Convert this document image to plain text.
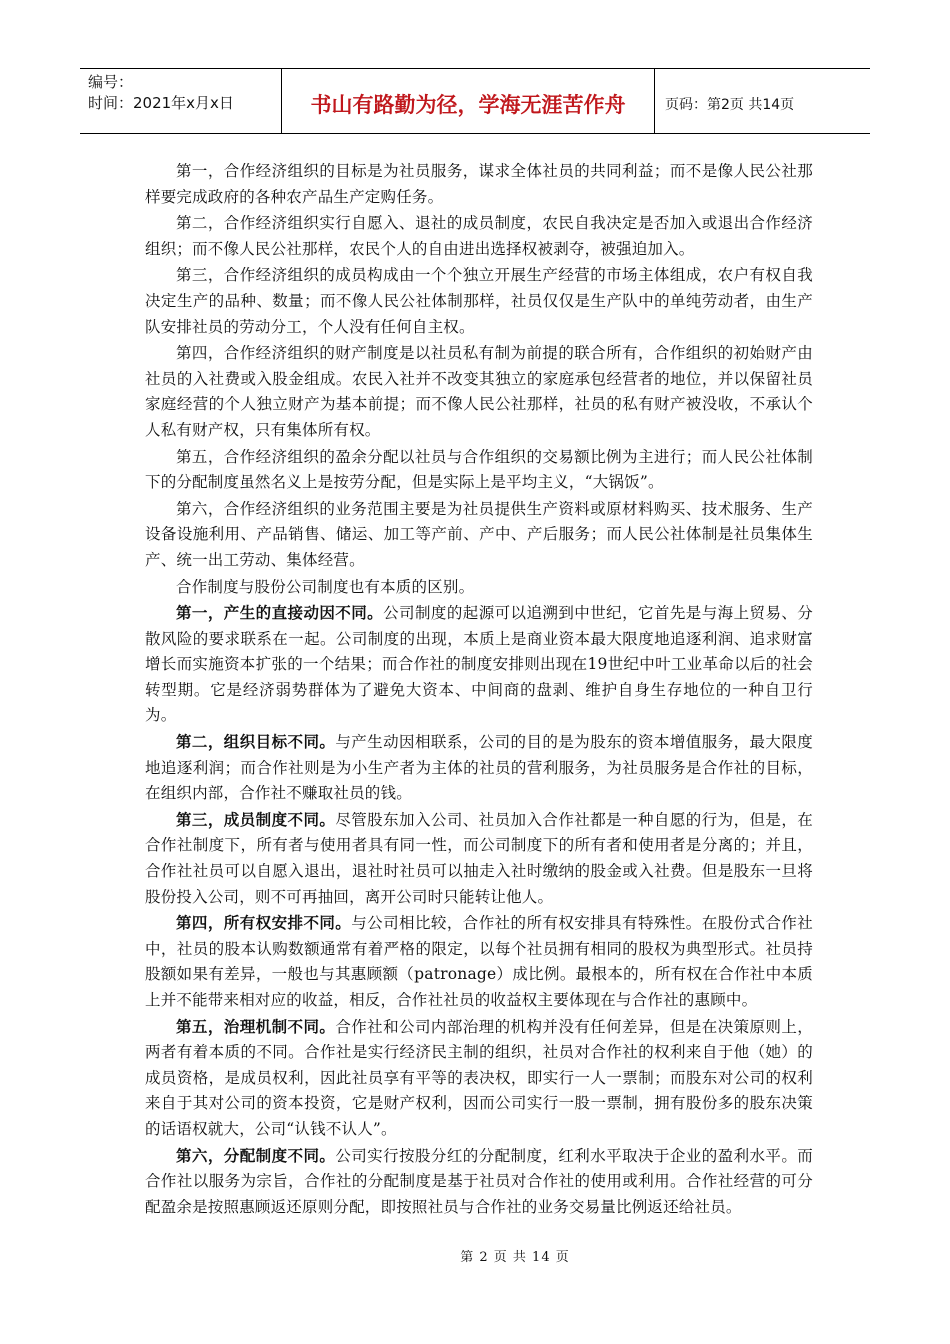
编号：
时间：2021年x月x日	书山有路勤为径，学海无涯苦作舟	页码：第2页 共14页

第一，合作经济组织的目标是为社员服务，谋求全体社员的共同利益；而不是像人民公社那样要完成政府的各种农产品生产定购任务。

第二，合作经济组织实行自愿入、退社的成员制度，农民自我决定是否加入或退出合作经济组织；而不像人民公社那样，农民个人的自由进出选择权被剥夺，被强迫加入。

第三，合作经济组织的成员构成由一个个独立开展生产经营的市场主体组成，农户有权自我决定生产的品种、数量；而不像人民公社体制那样，社员仅仅是生产队中的单纯劳动者，由生产队安排社员的劳动分工，个人没有任何自主权。

第四，合作经济组织的财产制度是以社员私有制为前提的联合所有，合作组织的初始财产由社员的入社费或入股金组成。农民入社并不改变其独立的家庭承包经营者的地位，并以保留社员家庭经营的个人独立财产为基本前提；而不像人民公社那样，社员的私有财产被没收，不承认个人私有财产权，只有集体所有权。

第五，合作经济组织的盈余分配以社员与合作组织的交易额比例为主进行；而人民公社体制下的分配制度虽然名义上是按劳分配，但是实际上是平均主义，“大锅饭”。

第六，合作经济组织的业务范围主要是为社员提供生产资料或原材料购买、技术服务、生产设备设施利用、产品销售、储运、加工等产前、产中、产后服务；而人民公社体制是社员集体生产、统一出工劳动、集体经营。

合作制度与股份公司制度也有本质的区别。

第一，产生的直接动因不同。公司制度的起源可以追溯到中世纪，它首先是与海上贸易、分散风险的要求联系在一起。公司制度的出现，本质上是商业资本最大限度地追逐利润、追求财富增长而实施资本扩张的一个结果；而合作社的制度安排则出现在19世纪中叶工业革命以后的社会转型期。它是经济弱势群体为了避免大资本、中间商的盘剥、维护自身生存地位的一种自卫行为。

第二，组织目标不同。与产生动因相联系，公司的目的是为股东的资本增值服务，最大限度地追逐利润；而合作社则是为小生产者为主体的社员的营利服务，为社员服务是合作社的目标，在组织内部，合作社不赚取社员的钱。

第三，成员制度不同。尽管股东加入公司、社员加入合作社都是一种自愿的行为，但是，在合作社制度下，所有者与使用者具有同一性，而公司制度下的所有者和使用者是分离的；并且，合作社社员可以自愿入退出，退社时社员可以抽走入社时缴纳的股金或入社费。但是股东一旦将股份投入公司，则不可再抽回，离开公司时只能转让他人。

第四，所有权安排不同。与公司相比较，合作社的所有权安排具有特殊性。在股份式合作社中，社员的股本认购数额通常有着严格的限定，以每个社员拥有相同的股权为典型形式。社员持股额如果有差异，一般也与其惠顾额（patronage）成比例。最根本的，所有权在合作社中本质上并不能带来相对应的收益，相反，合作社社员的收益权主要体现在与合作社的惠顾中。

第五，治理机制不同。合作社和公司内部治理的机构并没有任何差异，但是在决策原则上，两者有着本质的不同。合作社是实行经济民主制的组织，社员对合作社的权利来自于他（她）的成员资格，是成员权利，因此社员享有平等的表决权，即实行一人一票制；而股东对公司的权利来自于其对公司的资本投资，它是财产权利，因而公司实行一股一票制，拥有股份多的股东决策的话语权就大，公司“认钱不认人”。

第六，分配制度不同。公司实行按股分红的分配制度，红利水平取决于企业的盈利水平。而合作社以服务为宗旨，合作社的分配制度是基于社员对合作社的使用或利用。合作社经营的可分配盈余是按照惠顾返还原则分配，即按照社员与合作社的业务交易量比例返还给社员。

第 2 页 共 14 页
